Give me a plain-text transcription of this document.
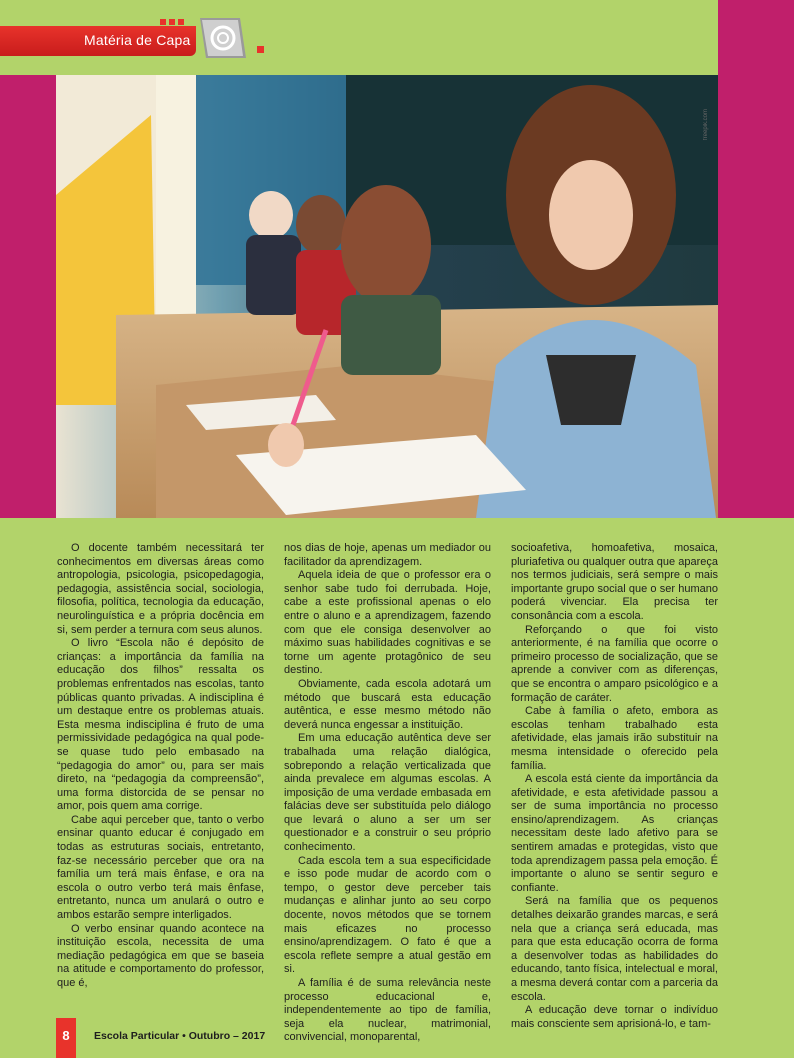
Matéria de Capa
freepik.com

O docente também necessitará ter conhecimentos em diversas áreas como antropologia, psicologia, psicopedagogia, pedagogia, assistência social, sociologia, filosofia, política, tecnologia da educação, neurolinguística e a própria docência em si, sem perder a ternura com seus alunos.

O livro “Escola não é depósito de crianças: a importância da família na educação dos filhos” ressalta os problemas enfrentados nas escolas, tanto públicas quanto privadas. A indisciplina é um destaque entre os problemas atuais. Esta mesma indisciplina é fruto de uma permissividade pedagógica na qual pode-se quase tudo pelo embasado na “pedagogia do amor” ou, para ser mais direto, na “pedagogia da compreensão”, uma forma distorcida de se pensar no amor, pois quem ama corrige.

Cabe aqui perceber que, tanto o verbo ensinar quanto educar é conjugado em todas as estruturas sociais, entretanto, faz-se necessário perceber que ora na família um terá mais ênfase, e ora na escola o outro verbo terá mais ênfase, entretanto, nunca um anulará o outro e ambos estarão sempre interligados.

O verbo ensinar quando acontece na instituição escola, necessita de uma mediação pedagógica em que se baseia na atitude e comportamento do professor, que é,

nos dias de hoje, apenas um mediador ou facilitador da aprendizagem.

Aquela ideia de que o professor era o senhor sabe tudo foi derrubada. Hoje, cabe a este profissional apenas o elo entre o aluno e a aprendizagem, fazendo com que ele consiga desenvolver ao máximo suas habilidades cognitivas e se torne um agente protagônico de seu destino.

Obviamente, cada escola adotará um método que buscará esta educação autêntica, e esse mesmo método não deverá nunca engessar a instituição.

Em uma educação autêntica deve ser trabalhada uma relação dialógica, sobrepondo a relação verticalizada que ainda prevalece em algumas escolas. A imposição de uma verdade embasada em falácias deve ser substituída pelo diálogo que levará o aluno a ser um ser questionador e a construir o seu próprio conhecimento.

Cada escola tem a sua especificidade e isso pode mudar de acordo com o tempo, o gestor deve perceber tais mudanças e alinhar junto ao seu corpo docente, novos métodos que se tornem mais eficazes no processo ensino/aprendizagem. O fato é que a escola reflete sempre a atual gestão em si.

A família é de suma relevância neste processo educacional e, independentemente ao tipo de família, seja ela nuclear, matrimonial, convivencial, monoparental,

socioafetiva, homoafetiva, mosaica, pluriafetiva ou qualquer outra que apareça nos termos judiciais, será sempre o mais importante grupo social que o ser humano poderá vivenciar. Ela precisa ter consonância com a escola.

Reforçando o que foi visto anteriormente, é na família que ocorre o primeiro processo de socialização, que se aprende a conviver com as diferenças, que se encontra o amparo psicológico e a formação de caráter.

Cabe à família o afeto, embora as escolas tenham trabalhado esta afetividade, elas jamais irão substituir na mesma intensidade o oferecido pela família.

A escola está ciente da importância da afetividade, e esta afetividade passou a ser de suma importância no processo ensino/aprendizagem. As crianças necessitam deste lado afetivo para se sentirem amadas e protegidas, visto que toda aprendizagem passa pela emoção. É importante o aluno se sentir seguro e confiante.

Será na família que os pequenos detalhes deixarão grandes marcas, e será nela que a criança será educada, mas para que esta educação ocorra de forma a desenvolver todas as habilidades do educando, tanto física, intelectual e moral, a mesma deverá contar com a parceria da escola.

A educação deve tornar o indivíduo mais consciente sem aprisioná-lo, e tam-

8	Escola Particular • Outubro – 2017
